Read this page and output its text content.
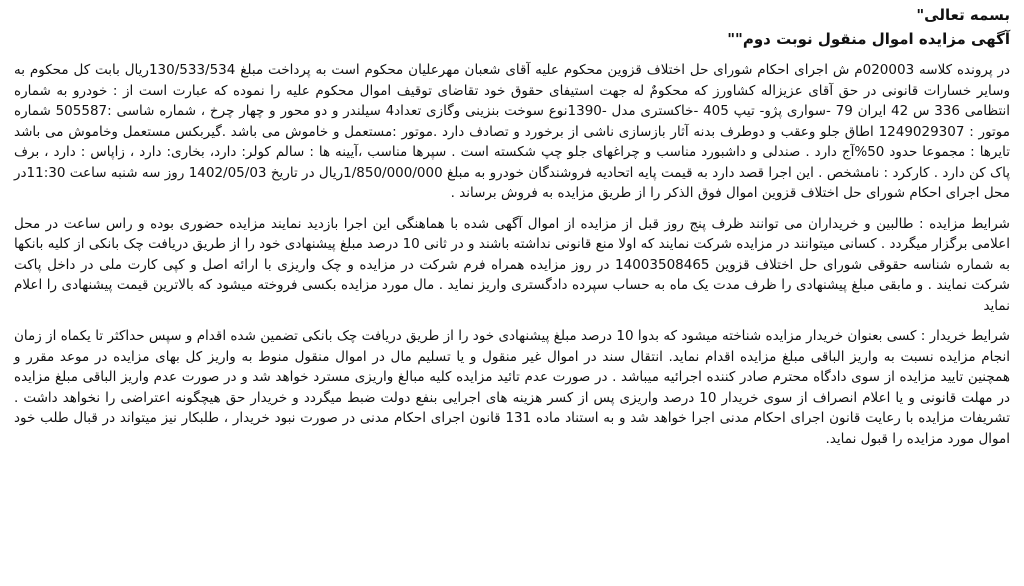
بسمه تعالی"

آگهی مزایده اموال منقول نوبت دوم""

در پرونده کلاسه 020003م ش اجرای احکام شورای حل اختلاف قزوین محکوم علیه آقای شعبان مهرعلیان محکوم است به پرداخت مبلغ 130/533/534ریال بابت کل محکوم به وسایر خسارات قانونی در حق آقای عزیزاله کشاورز که محکومٌ له جهت استیفای حقوق خود تقاضای توقیف اموال محکوم علیه را نموده که عبارت است از : خودرو به شماره انتظامی 336 س 42 ایران 79 -سواری پژو- تیپ 405 -خاکستری مدل -1390نوع سوخت بنزینی وگازی تعداد4 سیلندر و دو محور و چهار چرخ ، شماره شاسی :505587 شماره موتور : 1249029307 اطاق جلو وعقب و دوطرف بدنه آثار بازسازی ناشی از برخورد و تصادف دارد .موتور :مستعمل و خاموش می باشد .گیربکس مستعمل وخاموش می باشد تایرها : مجموعا حدود 50%آج دارد . صندلی و داشبورد مناسب و چراغهای جلو چپ شکسته است . سپرها مناسب ،آیینه ها : سالم کولر: دارد، بخاری: دارد ، زاپاس : دارد ، برف پاک کن دارد . کارکرد : نامشخص . این اجرا قصد دارد به قیمت پایه اتحادیه فروشندگان خودرو به مبلغ 1/850/000/000ریال در تاریخ 1402/05/03 روز سه شنبه ساعت 11:30در محل اجرای احکام شورای حل اختلاف قزوین اموال فوق الذکر را از طریق مزایده به فروش برساند .

شرایط مزایده : طالبین و خریداران می توانند ظرف پنج روز قبل از مزایده از اموال آگهی شده با هماهنگی این اجرا بازدید نمایند مزایده حضوری بوده و راس ساعت در محل اعلامی برگزار میگردد . کسانی میتوانند در مزایده شرکت نمایند که اولا منع قانونی نداشته باشند و در ثانی 10 درصد مبلغ پیشنهادی خود را از طریق دریافت چک بانکی از کلیه بانکها به شماره شناسه حقوقی شورای حل اختلاف قزوین 14003508465 در روز مزایده همراه فرم شرکت در مزایده و چک واریزی با ارائه اصل و کپی کارت ملی در داخل پاکت شرکت نمایند . و مابقی مبلغ پیشنهادی را ظرف مدت یک ماه به حساب سپرده دادگستری واریز نماید . مال مورد مزایده بکسی فروخته میشود که بالاترین قیمت پیشنهادی را اعلام نماید

شرایط خریدار : کسی بعنوان خریدار مزایده شناخته میشود که بدوا 10 درصد مبلغ پیشنهادی خود را از طریق دریافت چک بانکی تضمین شده اقدام و سپس حداکثر تا یکماه از زمان انجام مزایده نسبت به واریز الباقی مبلغ مزایده اقدام نماید. انتقال سند در اموال غیر منقول و یا تسلیم مال در اموال منقول منوط به واریز کل بهای مزایده در موعد مقرر و همچنین تایید مزایده از سوی دادگاه محترم صادر کننده اجرائیه میباشد . در صورت عدم تائید مزایده کلیه مبالغ واریزی مسترد خواهد شد و در صورت عدم واریز الباقی مبلغ مزایده در مهلت قانونی و یا اعلام انصراف از سوی خریدار 10 درصد واریزی پس از کسر هزینه های اجرایی بنفع دولت ضبط میگردد و خریدار حق هیچگونه اعتراضی را نخواهد داشت . تشریفات مزایده با رعایت قانون اجرای احکام مدنی اجرا خواهد شد و به استناد ماده 131 قانون اجرای احکام مدنی در صورت نبود خریدار ، طلبکار نیز میتواند در قبال طلب خود اموال مورد مزایده را قبول نماید.
